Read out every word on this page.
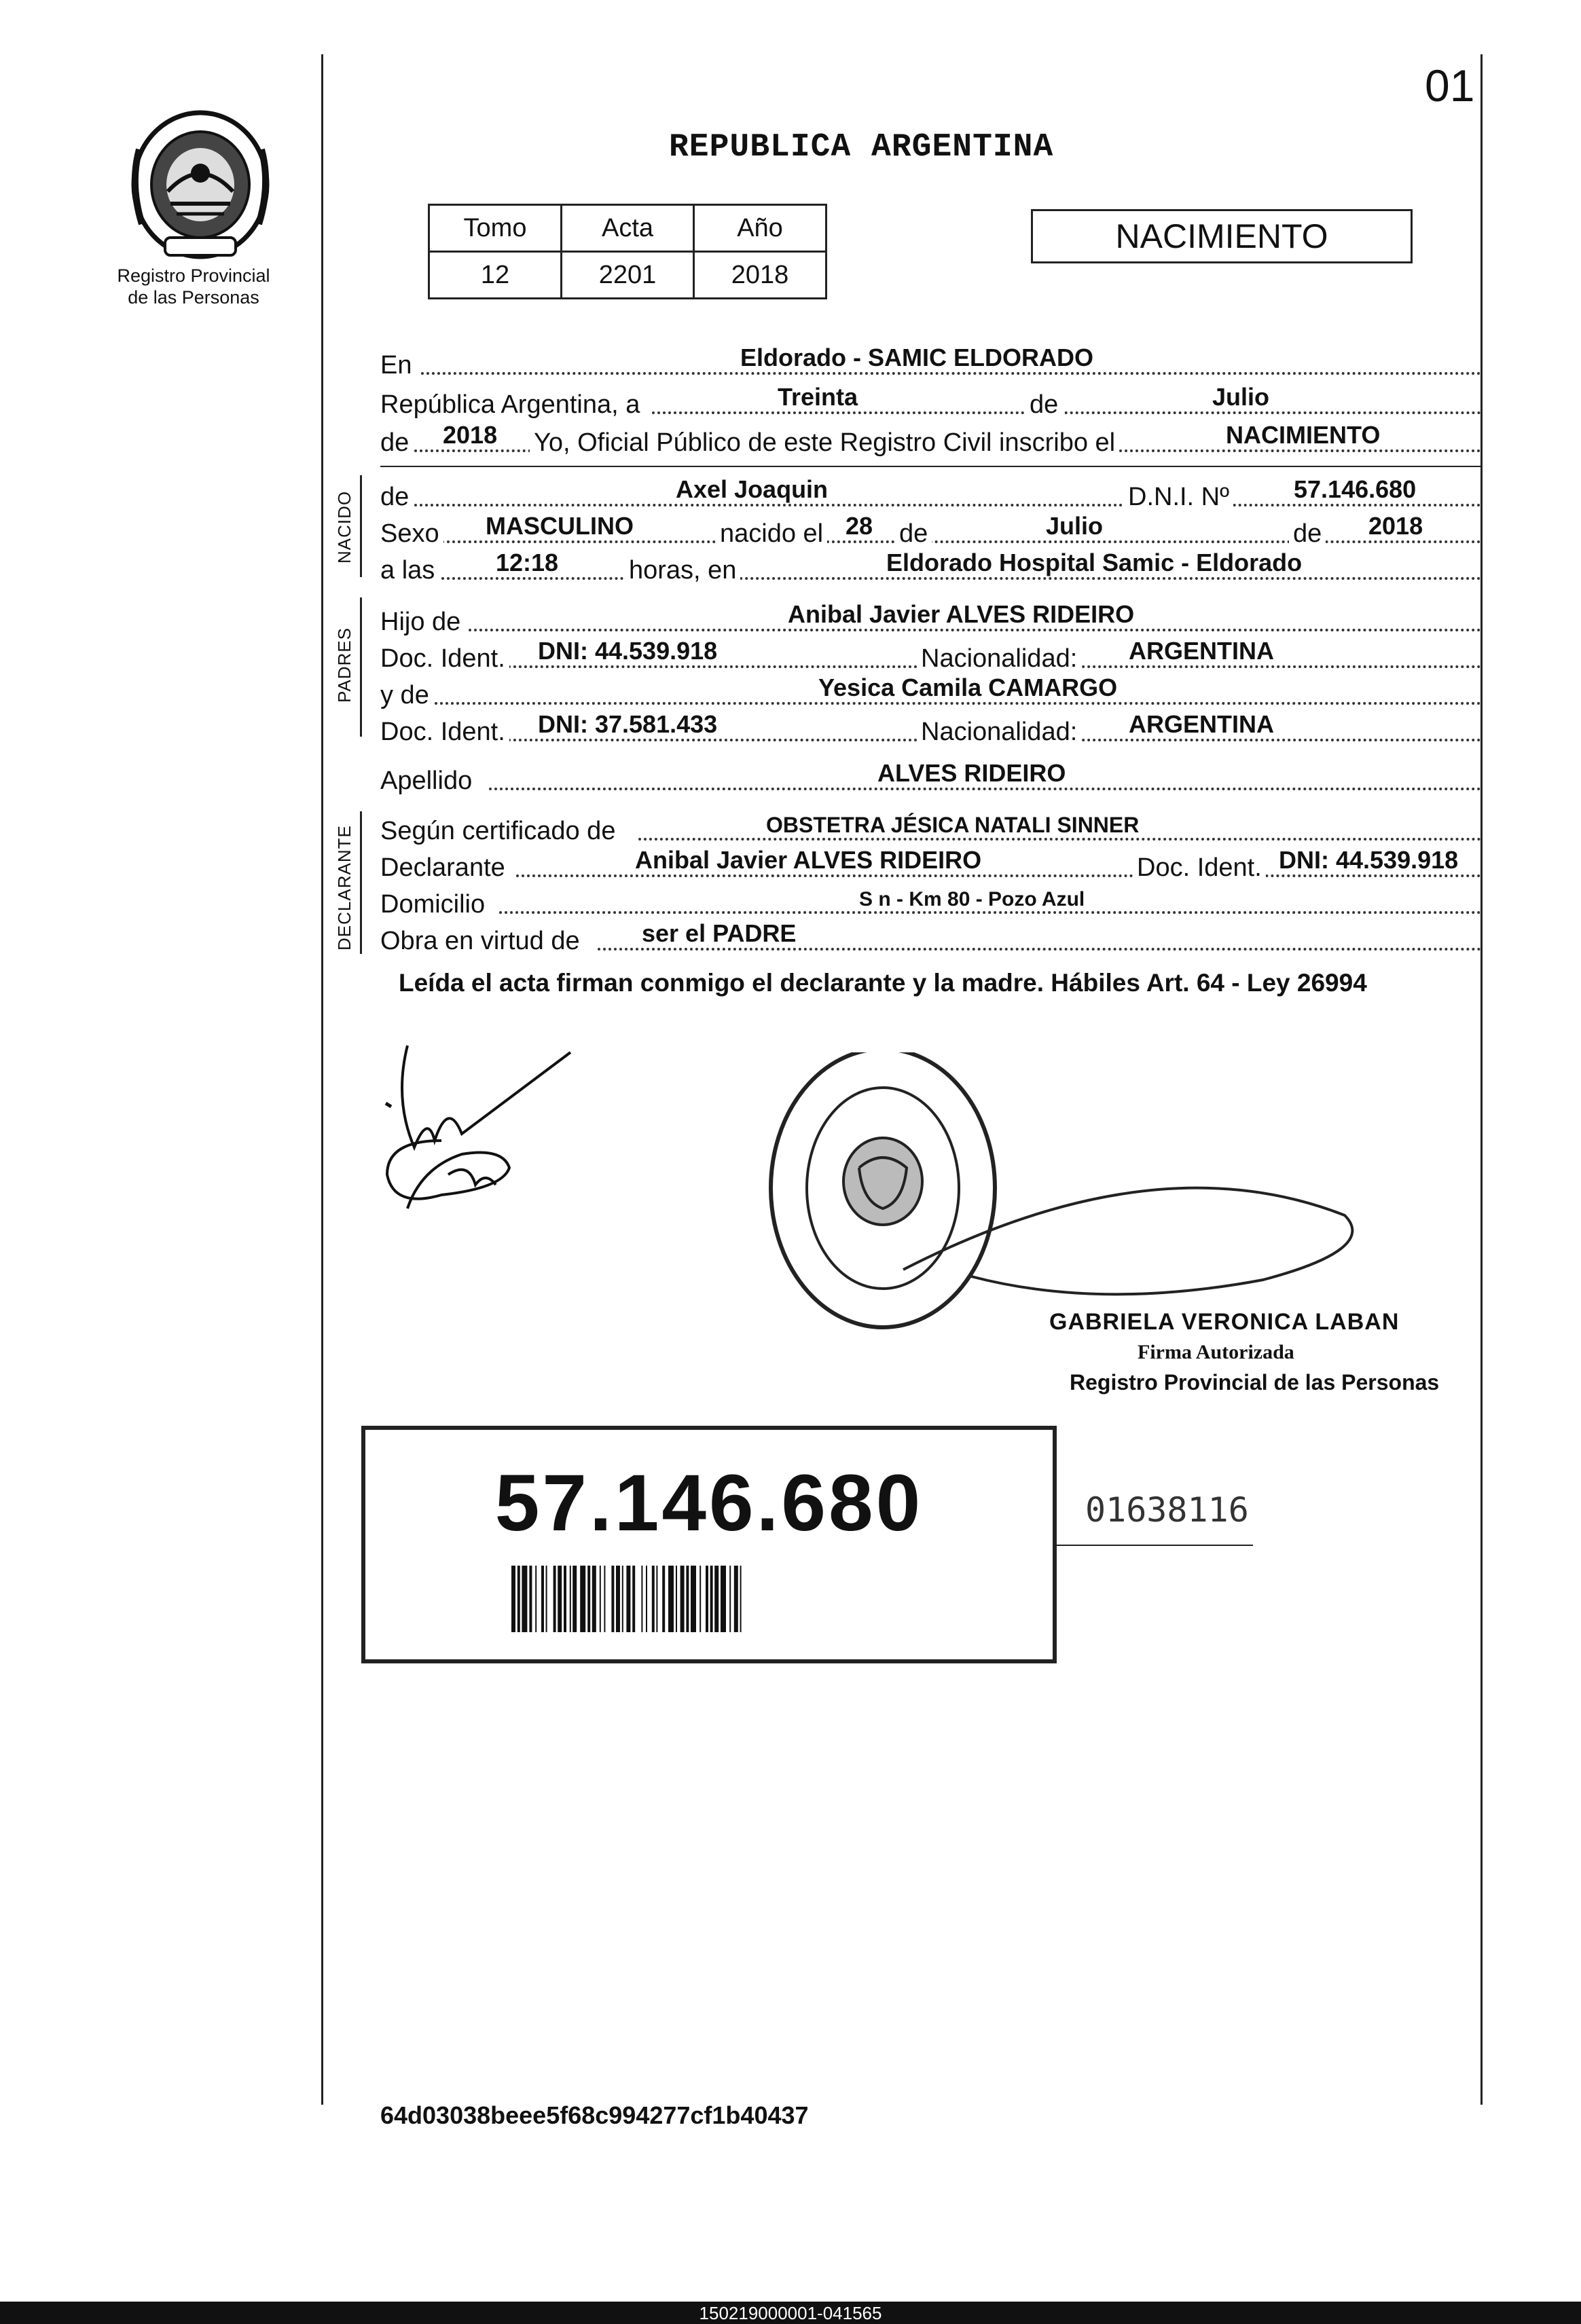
01
REPUBLICA ARGENTINA
Registro Provincial
de las Personas
Tomo	Acta	Año
12	2201	2018
NACIMIENTO
En	Eldorado - SAMIC ELDORADO
República Argentina, a	Treinta	de	Julio
de 2018 Yo, Oficial Público de este Registro Civil inscribo el	NACIMIENTO
NACIDO de	Axel Joaquin	D.N.I. Nº	57.146.680
Sexo MASCULINO	nacido el 28 de	Julio	de 2018
a las 12:18	horas, en	Eldorado Hospital Samic - Eldorado
PADRES
Hijo de	Anibal Javier ALVES RIDEIRO
Doc. Ident. DNI: 44.539.918	Nacionalidad: ARGENTINA
y de	Yesica Camila CAMARGO
Doc. Ident. DNI: 37.581.433	Nacionalidad: ARGENTINA
Apellido	ALVES RIDEIRO
DECLARANTE Según certificado de	OBSTETRA JÉSICA NATALI SINNER
Declarante	Anibal Javier ALVES RIDEIRO	Doc. Ident. DNI: 44.539.918
Domicilio	S n - Km 80 - Pozo Azul
Obra en virtud de	ser el PADRE
Leída el acta firman conmigo el declarante y la madre. Hábiles Art. 64 - Ley 26994
GABRIELA VERONICA LABAN
Firma Autorizada
Registro Provincial de las Personas
57.146.680	01638116
64d03038beee5f68c994277cf1b40437
150219000001-041565
